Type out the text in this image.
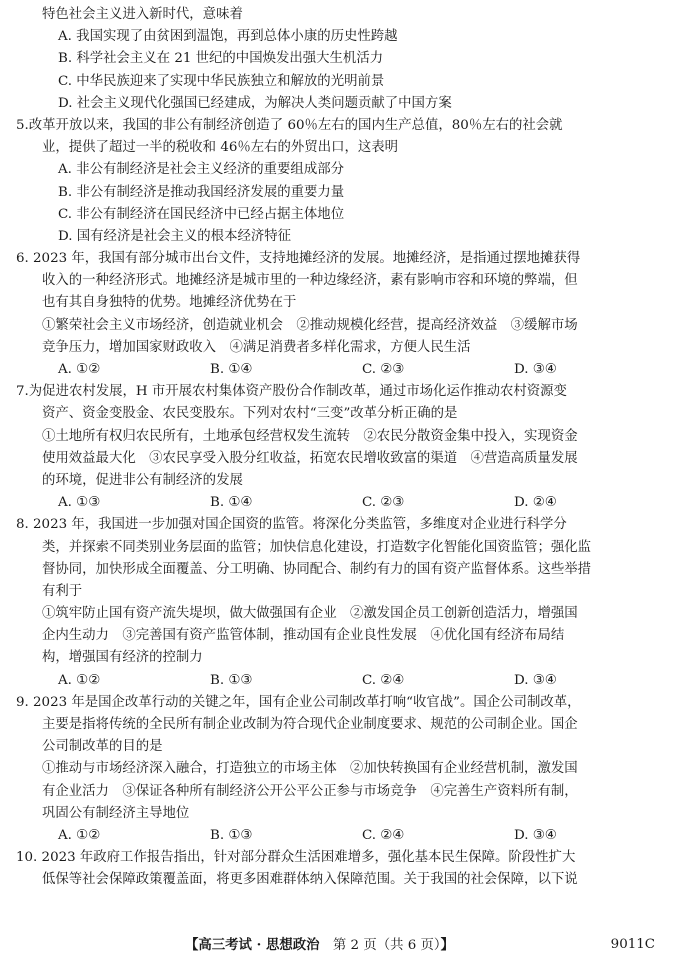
特色社会主义进入新时代，意味着
A. 我国实现了由贫困到温饱，再到总体小康的历史性跨越
B. 科学社会主义在 21 世纪的中国焕发出强大生机活力
C. 中华民族迎来了实现中华民族独立和解放的光明前景
D. 社会主义现代化强国已经建成，为解决人类问题贡献了中国方案
5.改革开放以来，我国的非公有制经济创造了 60％左右的国内生产总值，80％左右的社会就
业，提供了超过一半的税收和 46％左右的外贸出口，这表明
A. 非公有制经济是社会主义经济的重要组成部分
B. 非公有制经济是推动我国经济发展的重要力量
C. 非公有制经济在国民经济中已经占据主体地位
D. 国有经济是社会主义的根本经济特征
6. 2023 年，我国有部分城市出台文件，支持地摊经济的发展。地摊经济，是指通过摆地摊获得
收入的一种经济形式。地摊经济是城市里的一种边缘经济，素有影响市容和环境的弊端，但
也有其自身独特的优势。地摊经济优势在于
①繁荣社会主义市场经济，创造就业机会　②推动规模化经营，提高经济效益　③缓解市场
竞争压力，增加国家财政收入　④满足消费者多样化需求，方便人民生活
A. ①②	B. ①④	C. ②③	D. ③④
7.为促进农村发展，H 市开展农村集体资产股份合作制改革，通过市场化运作推动农村资源变
资产、资金变股金、农民变股东。下列对农村“三变”改革分析正确的是
①土地所有权归农民所有，土地承包经营权发生流转　②农民分散资金集中投入，实现资金
使用效益最大化　③农民享受入股分红收益，拓宽农民增收致富的渠道　④营造高质量发展
的环境，促进非公有制经济的发展
A. ①③	B. ①④	C. ②③	D. ②④
8. 2023 年，我国进一步加强对国企国资的监管。将深化分类监管，多维度对企业进行科学分
类，并探索不同类别业务层面的监管；加快信息化建设，打造数字化智能化国资监管；强化监
督协同，加快形成全面覆盖、分工明确、协同配合、制约有力的国有资产监督体系。这些举措
有利于
①筑牢防止国有资产流失堤坝，做大做强国有企业　②激发国企员工创新创造活力，增强国
企内生动力　③完善国有资产监管体制，推动国有企业良性发展　④优化国有经济布局结
构，增强国有经济的控制力
A. ①②	B. ①③	C. ②④	D. ③④
9. 2023 年是国企改革行动的关键之年，国有企业公司制改革打响“收官战”。国企公司制改革，
主要是指将传统的全民所有制企业改制为符合现代企业制度要求、规范的公司制企业。国企
公司制改革的目的是
①推动与市场经济深入融合，打造独立的市场主体　②加快转换国有企业经营机制，激发国
有企业活力　③保证各种所有制经济公开公平公正参与市场竞争　④完善生产资料所有制，
巩固公有制经济主导地位
A. ①②	B. ①③	C. ②④	D. ③④
10. 2023 年政府工作报告指出，针对部分群众生活困难增多，强化基本民生保障。阶段性扩大
低保等社会保障政策覆盖面，将更多困难群体纳入保障范围。关于我国的社会保障，以下说
【高三考试 · 思想政治　 第 2 页（共 6 页）】	9011C
